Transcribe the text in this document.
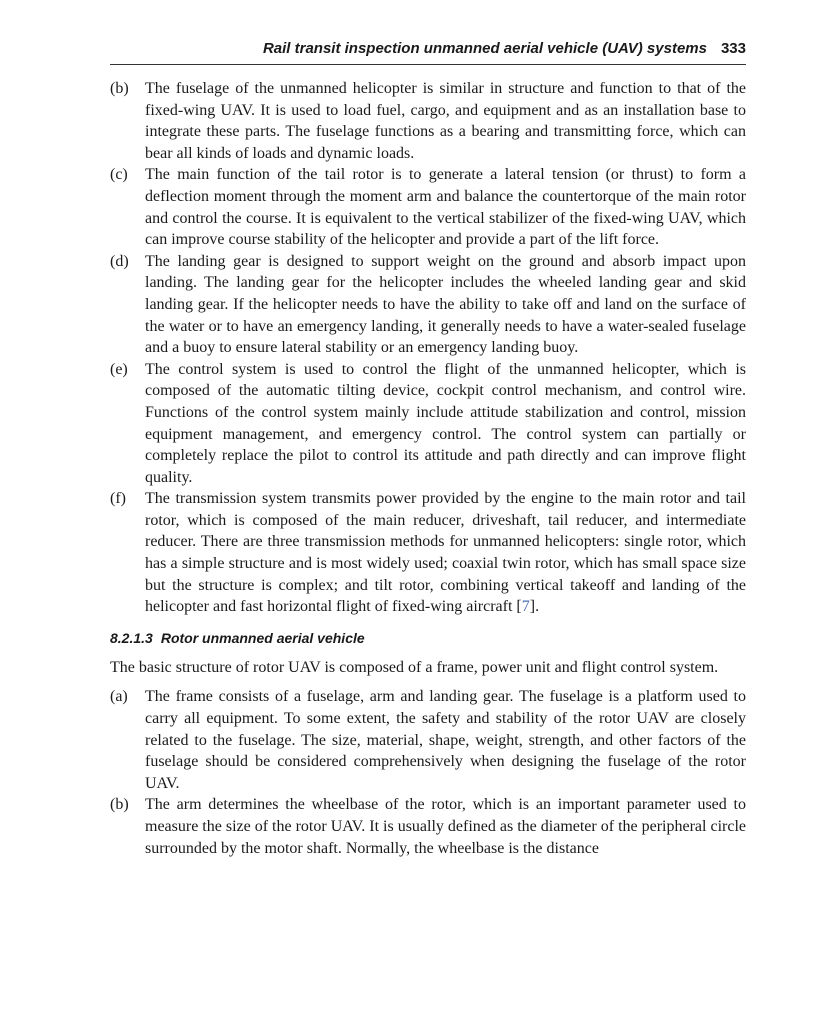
Rail transit inspection unmanned aerial vehicle (UAV) systems 333
(b)	The fuselage of the unmanned helicopter is similar in structure and function to that of the fixed-wing UAV. It is used to load fuel, cargo, and equipment and as an installation base to integrate these parts. The fuselage functions as a bearing and transmitting force, which can bear all kinds of loads and dynamic loads.
(c)	The main function of the tail rotor is to generate a lateral tension (or thrust) to form a deflection moment through the moment arm and balance the countertorque of the main rotor and control the course. It is equivalent to the vertical stabilizer of the fixed-wing UAV, which can improve course stability of the helicopter and provide a part of the lift force.
(d)	The landing gear is designed to support weight on the ground and absorb impact upon landing. The landing gear for the helicopter includes the wheeled landing gear and skid landing gear. If the helicopter needs to have the ability to take off and land on the surface of the water or to have an emergency landing, it generally needs to have a water-sealed fuselage and a buoy to ensure lateral stability or an emergency landing buoy.
(e)	The control system is used to control the flight of the unmanned helicopter, which is composed of the automatic tilting device, cockpit control mechanism, and control wire. Functions of the control system mainly include attitude stabilization and control, mission equipment management, and emergency control. The control system can partially or completely replace the pilot to control its attitude and path directly and can improve flight quality.
(f)	The transmission system transmits power provided by the engine to the main rotor and tail rotor, which is composed of the main reducer, driveshaft, tail reducer, and intermediate reducer. There are three transmission methods for unmanned helicopters: single rotor, which has a simple structure and is most widely used; coaxial twin rotor, which has small space size but the structure is complex; and tilt rotor, combining vertical takeoff and landing of the helicopter and fast horizontal flight of fixed-wing aircraft [7].
8.2.1.3 Rotor unmanned aerial vehicle
The basic structure of rotor UAV is composed of a frame, power unit and flight control system.
(a)	The frame consists of a fuselage, arm and landing gear. The fuselage is a platform used to carry all equipment. To some extent, the safety and stability of the rotor UAV are closely related to the fuselage. The size, material, shape, weight, strength, and other factors of the fuselage should be considered comprehensively when designing the fuselage of the rotor UAV.
(b)	The arm determines the wheelbase of the rotor, which is an important parameter used to measure the size of the rotor UAV. It is usually defined as the diameter of the peripheral circle surrounded by the motor shaft. Normally, the wheelbase is the distance
